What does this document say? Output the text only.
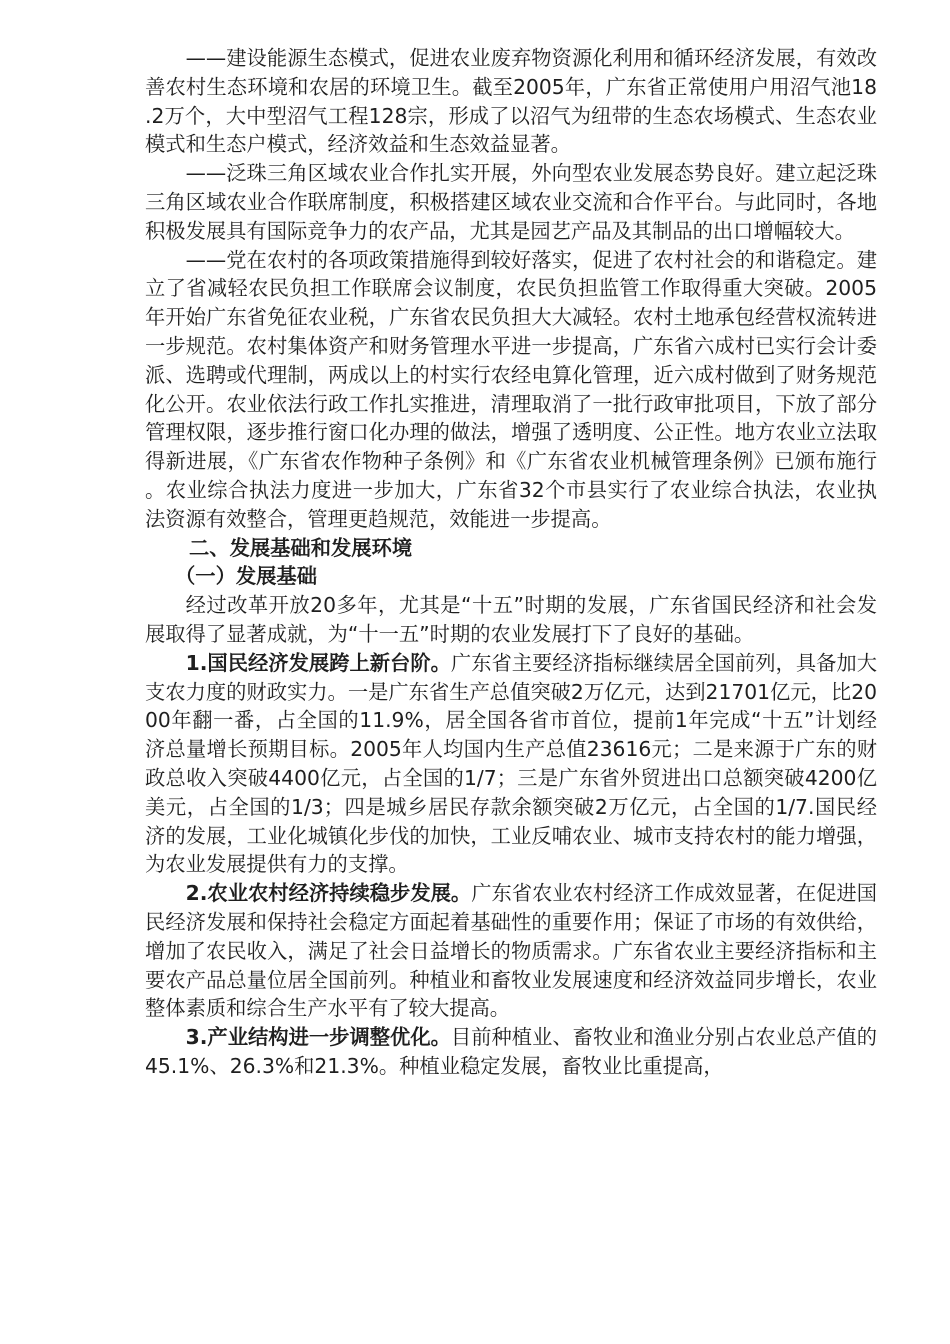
——建设能源生态模式，促进农业废弃物资源化利用和循环经济发展，有效改善农村生态环境和农居的环境卫生。截至2005年，广东省正常使用户用沼气池18.2万个，大中型沼气工程128宗，形成了以沼气为纽带的生态农场模式、生态农业模式和生态户模式，经济效益和生态效益显著。

——泛珠三角区域农业合作扎实开展，外向型农业发展态势良好。建立起泛珠三角区域农业合作联席制度，积极搭建区域农业交流和合作平台。与此同时，各地积极发展具有国际竞争力的农产品，尤其是园艺产品及其制品的出口增幅较大。

——党在农村的各项政策措施得到较好落实，促进了农村社会的和谐稳定。建立了省减轻农民负担工作联席会议制度，农民负担监管工作取得重大突破。2005年开始广东省免征农业税，广东省农民负担大大减轻。农村土地承包经营权流转进一步规范。农村集体资产和财务管理水平进一步提高，广东省六成村已实行会计委派、选聘或代理制，两成以上的村实行农经电算化管理，近六成村做到了财务规范化公开。农业依法行政工作扎实推进，清理取消了一批行政审批项目，下放了部分管理权限，逐步推行窗口化办理的做法，增强了透明度、公正性。地方农业立法取得新进展，《广东省农作物种子条例》和《广东省农业机械管理条例》已颁布施行。农业综合执法力度进一步加大，广东省32个市县实行了农业综合执法，农业执法资源有效整合，管理更趋规范，效能进一步提高。

二、发展基础和发展环境

（一）发展基础

经过改革开放20多年，尤其是“十五”时期的发展，广东省国民经济和社会发展取得了显著成就，为“十一五”时期的农业发展打下了良好的基础。

1.国民经济发展跨上新台阶。广东省主要经济指标继续居全国前列，具备加大支农力度的财政实力。一是广东省生产总值突破2万亿元，达到21701亿元，比2000年翻一番，占全国的11.9%，居全国各省市首位，提前1年完成“十五”计划经济总量增长预期目标。2005年人均国内生产总值23616元；二是来源于广东的财政总收入突破4400亿元，占全国的1/7；三是广东省外贸进出口总额突破4200亿美元，占全国的1/3；四是城乡居民存款余额突破2万亿元，占全国的1/7.国民经济的发展，工业化城镇化步伐的加快，工业反哺农业、城市支持农村的能力增强，为农业发展提供有力的支撑。

2.农业农村经济持续稳步发展。广东省农业农村经济工作成效显著，在促进国民经济发展和保持社会稳定方面起着基础性的重要作用；保证了市场的有效供给，增加了农民收入，满足了社会日益增长的物质需求。广东省农业主要经济指标和主要农产品总量位居全国前列。种植业和畜牧业发展速度和经济效益同步增长，农业整体素质和综合生产水平有了较大提高。

3.产业结构进一步调整优化。目前种植业、畜牧业和渔业分别占农业总产值的45.1%、26.3%和21.3%。种植业稳定发展，畜牧业比重提高，
